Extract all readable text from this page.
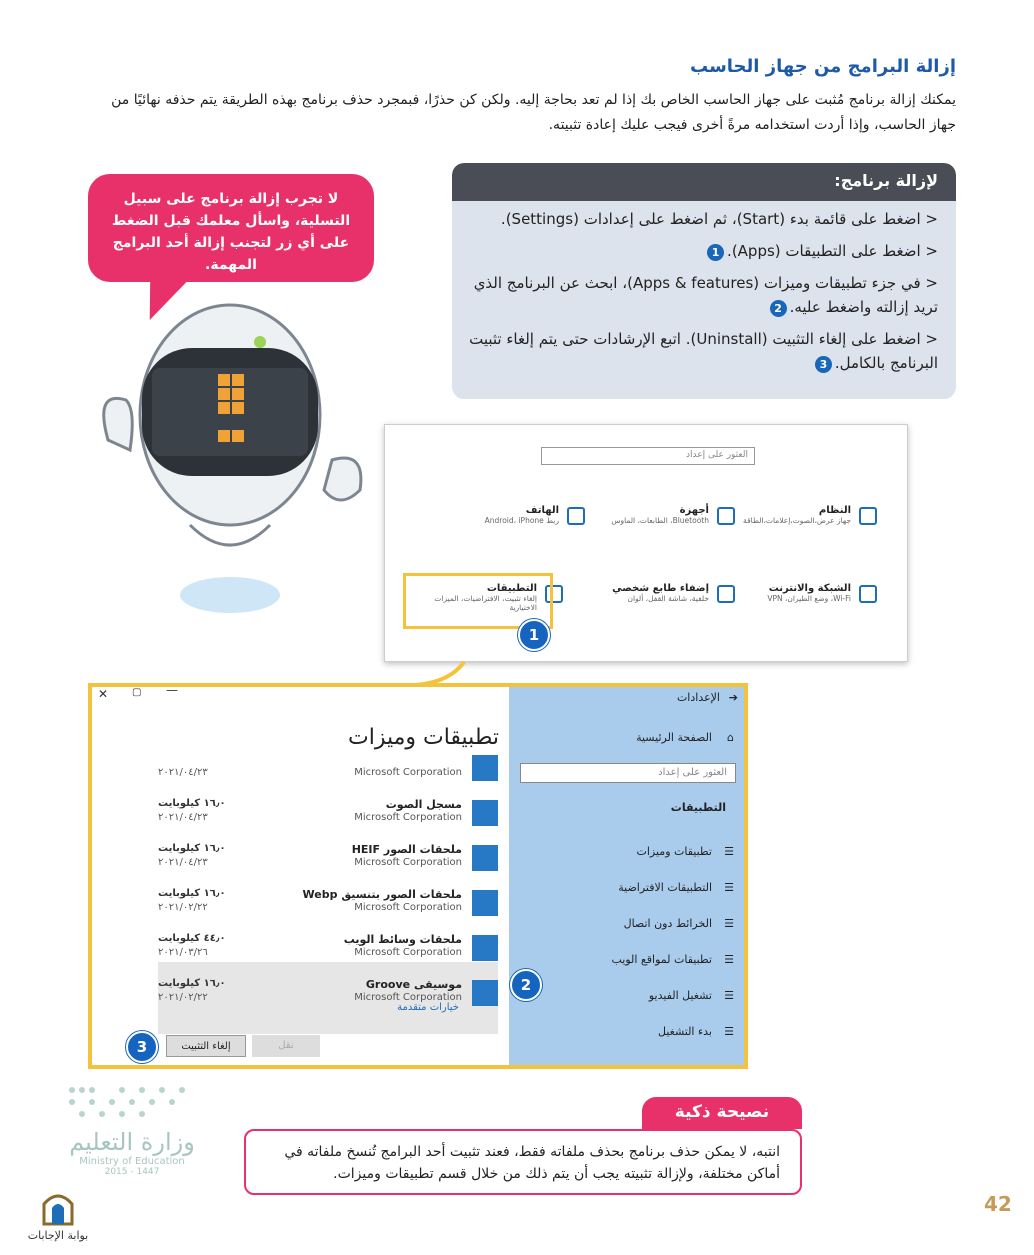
إزالة البرامج من جهاز الحاسب
يمكنك إزالة برنامج مُثبت على جهاز الحاسب الخاص بك إذا لم تعد بحاجة إليه. ولكن كن حذرًا، فبمجرد حذف برنامج بهذه الطريقة يتم حذفه نهائيًا من جهاز الحاسب، وإذا أردت استخدامه مرةً أخرى فيجب عليك إعادة تثبيته.
لإزالة برنامج:
< اضغط على قائمة بدء (Start)، ثم اضغط على إعدادات (Settings).
< اضغط على التطبيقات (Apps).1
< في جزء تطبيقات وميزات (Apps & features)، ابحث عن البرنامج الذي تريد إزالته واضغط عليه.2
< اضغط على إلغاء التثبيت (Uninstall). اتبع الإرشادات حتى يتم إلغاء تثبيت البرنامج بالكامل.3
لا تجرب إزالة برنامج على سبيل التسلية، واسأل معلمك قبل الضغط على أي زر لتجنب إزالة أحد البرامج المهمة.
العثور على إعداد
النظام
جهاز عرض،الصوت،إعلامات،الطاقة
أجهزة
Bluetooth، الطابعات، الماوس
الهاتف
ربط Android، iPhone
الشبكة والانترنت
Wi-Fi، وضع الطيران، VPN
إضفاء طابع شخصي
خلفية، شاشة القفل، ألوان
التطبيقات
إلغاء تثبيت، الافتراضيات، الميزات الاختيارية
1
الإعدادات ➔
الصفحة الرئيسية ⌂
العثور على إعداد
التطبيقات
تطبيقات وميزات ☰
التطبيقات الافتراضية ☰
الخرائط دون اتصال ☰
تطبيقات لمواقع الويب ☰
تشغيل الفيديو ☰
بدء التشغيل ☰
✕ ▢ —
تطبيقات وميزات
Microsoft Corporation
٢٠٢١/٠٤/٢٣
مسجل الصوت
Microsoft Corporation
١٦٫٠ كيلوبايت
٢٠٢١/٠٤/٢٣
ملحقات الصور HEIF
Microsoft Corporation
١٦٫٠ كيلوبايت
٢٠٢١/٠٤/٢٣
ملحقات الصور بتنسيق Webp
Microsoft Corporation
١٦٫٠ كيلوبايت
٢٠٢١/٠٢/٢٢
ملحقات وسائط الويب
Microsoft Corporation
٤٤٫٠ كيلوبايت
٢٠٢١/٠٣/٢٦
موسيقى Groove
Microsoft Corporation
١٦٫٠ كيلوبايت
٢٠٢١/٠٢/٢٢
خيارات متقدمة
نقل
إلغاء التثبيت
2
3
نصيحة ذكية
انتبه، لا يمكن حذف برنامج بحذف ملفاته فقط، فعند تثبيت أحد البرامج تُنسخ ملفاته في أماكن مختلفة، ولإزالة تثبيته يجب أن يتم ذلك من خلال قسم تطبيقات وميزات.
وزارة التعليم
Ministry of Education
2015 - 1447
بوابة الإجابات
42
